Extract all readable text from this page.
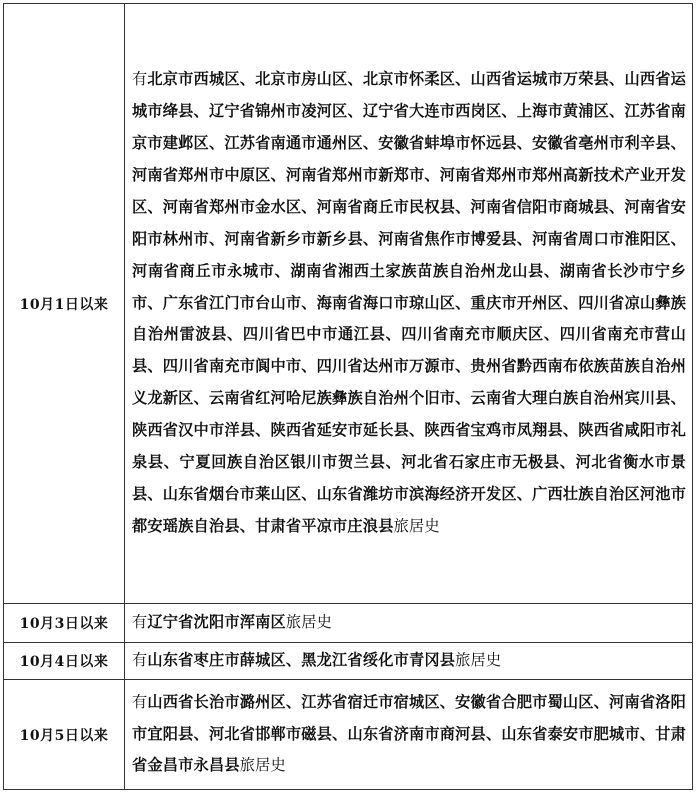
10月1日以来	有北京市西城区、北京市房山区、北京市怀柔区、山西省运城市万荣县、山西省运城市绛县、辽宁省锦州市凌河区、辽宁省大连市西岗区、上海市黄浦区、江苏省南京市建邺区、江苏省南通市通州区、安徽省蚌埠市怀远县、安徽省亳州市利辛县、河南省郑州市中原区、河南省郑州市新郑市、河南省郑州市郑州高新技术产业开发区、河南省郑州市金水区、河南省商丘市民权县、河南省信阳市商城县、河南省安阳市林州市、河南省新乡市新乡县、河南省焦作市博爱县、河南省周口市淮阳区、河南省商丘市永城市、湖南省湘西土家族苗族自治州龙山县、湖南省长沙市宁乡市、广东省江门市台山市、海南省海口市琼山区、重庆市开州区、四川省凉山彝族自治州雷波县、四川省巴中市通江县、四川省南充市顺庆区、四川省南充市营山县、四川省南充市阆中市、四川省达州市万源市、贵州省黔西南布依族苗族自治州义龙新区、云南省红河哈尼族彝族自治州个旧市、云南省大理白族自治州宾川县、陕西省汉中市洋县、陕西省延安市延长县、陕西省宝鸡市凤翔县、陕西省咸阳市礼泉县、宁夏回族自治区银川市贺兰县、河北省石家庄市无极县、河北省衡水市景县、山东省烟台市莱山区、山东省潍坊市滨海经济开发区、广西壮族自治区河池市都安瑶族自治县、甘肃省平凉市庄浪县旅居史
10月3日以来	有辽宁省沈阳市浑南区旅居史
10月4日以来	有山东省枣庄市薛城区、黑龙江省绥化市青冈县旅居史
10月5日以来	有山西省长治市潞州区、江苏省宿迁市宿城区、安徽省合肥市蜀山区、河南省洛阳市宜阳县、河北省邯郸市磁县、山东省济南市商河县、山东省泰安市肥城市、甘肃省金昌市永昌县旅居史
